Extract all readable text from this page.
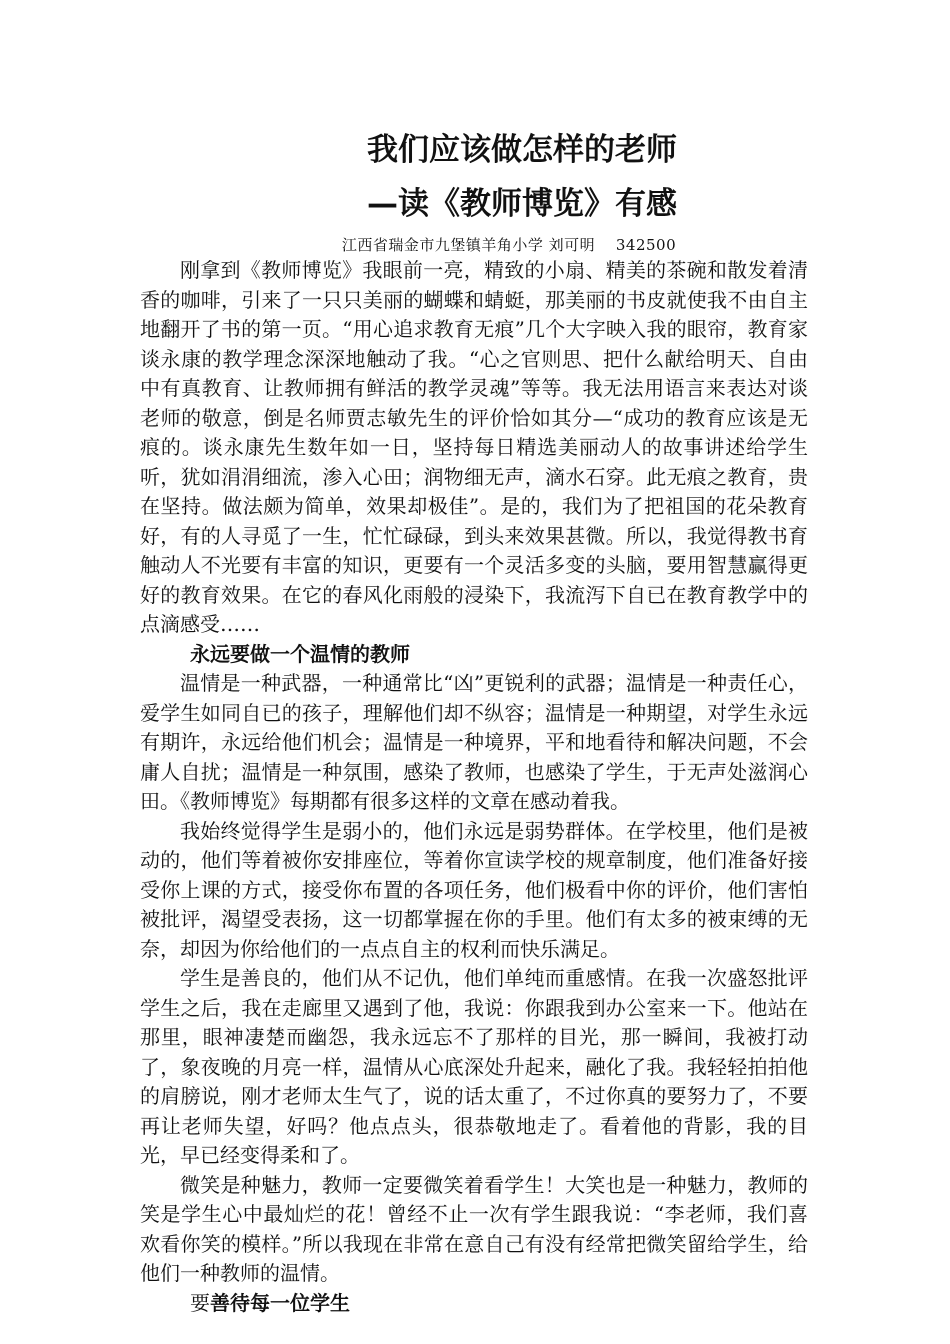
我们应该做怎样的老师
—读《教师博览》有感
江西省瑞金市九堡镇羊角小学 刘可明　 342500

刚拿到《教师博览》我眼前一亮，精致的小扇、精美的茶碗和散发着清香的咖啡，引来了一只只美丽的蝴蝶和蜻蜓，那美丽的书皮就使我不由自主地翻开了书的第一页。“用心追求教育无痕”几个大字映入我的眼帘，教育家谈永康的教学理念深深地触动了我。“心之官则思、把什么献给明天、自由中有真教育、让教师拥有鲜活的教学灵魂”等等。我无法用语言来表达对谈老师的敬意，倒是名师贾志敏先生的评价恰如其分—“成功的教育应该是无痕的。谈永康先生数年如一日，坚持每日精选美丽动人的故事讲述给学生听，犹如涓涓细流，渗入心田；润物细无声，滴水石穿。此无痕之教育，贵在坚持。做法颇为简单，效果却极佳”。是的，我们为了把祖国的花朵教育好，有的人寻觅了一生，忙忙碌碌，到头来效果甚微。所以，我觉得教书育触动人不光要有丰富的知识，更要有一个灵活多变的头脑，要用智慧赢得更好的教育效果。在它的春风化雨般的浸染下，我流泻下自已在教育教学中的点滴感受……

永远要做一个温情的教师

温情是一种武器，一种通常比“凶”更锐利的武器；温情是一种责任心，爱学生如同自已的孩子，理解他们却不纵容；温情是一种期望，对学生永远有期许，永远给他们机会；温情是一种境界，平和地看待和解决问题，不会庸人自扰；温情是一种氛围，感染了教师，也感染了学生，于无声处滋润心田。《教师博览》每期都有很多这样的文章在感动着我。

我始终觉得学生是弱小的，他们永远是弱势群体。在学校里，他们是被动的，他们等着被你安排座位，等着你宣读学校的规章制度，他们准备好接受你上课的方式，接受你布置的各项任务，他们极看中你的评价，他们害怕被批评，渴望受表扬，这一切都掌握在你的手里。他们有太多的被束缚的无奈，却因为你给他们的一点点自主的权利而快乐满足。

学生是善良的，他们从不记仇，他们单纯而重感情。在我一次盛怒批评学生之后，我在走廊里又遇到了他，我说：你跟我到办公室来一下。他站在那里，眼神凄楚而幽怨，我永远忘不了那样的目光，那一瞬间，我被打动了，象夜晚的月亮一样，温情从心底深处升起来，融化了我。我轻轻拍拍他的肩膀说，刚才老师太生气了，说的话太重了，不过你真的要努力了，不要再让老师失望，好吗？他点点头，很恭敬地走了。看着他的背影，我的目光，早已经变得柔和了。

微笑是种魅力，教师一定要微笑着看学生！大笑也是一种魅力，教师的笑是学生心中最灿烂的花！曾经不止一次有学生跟我说：“李老师，我们喜欢看你笑的模样。”所以我现在非常在意自己有没有经常把微笑留给学生，给他们一种教师的温情。

要善待每一位学生
